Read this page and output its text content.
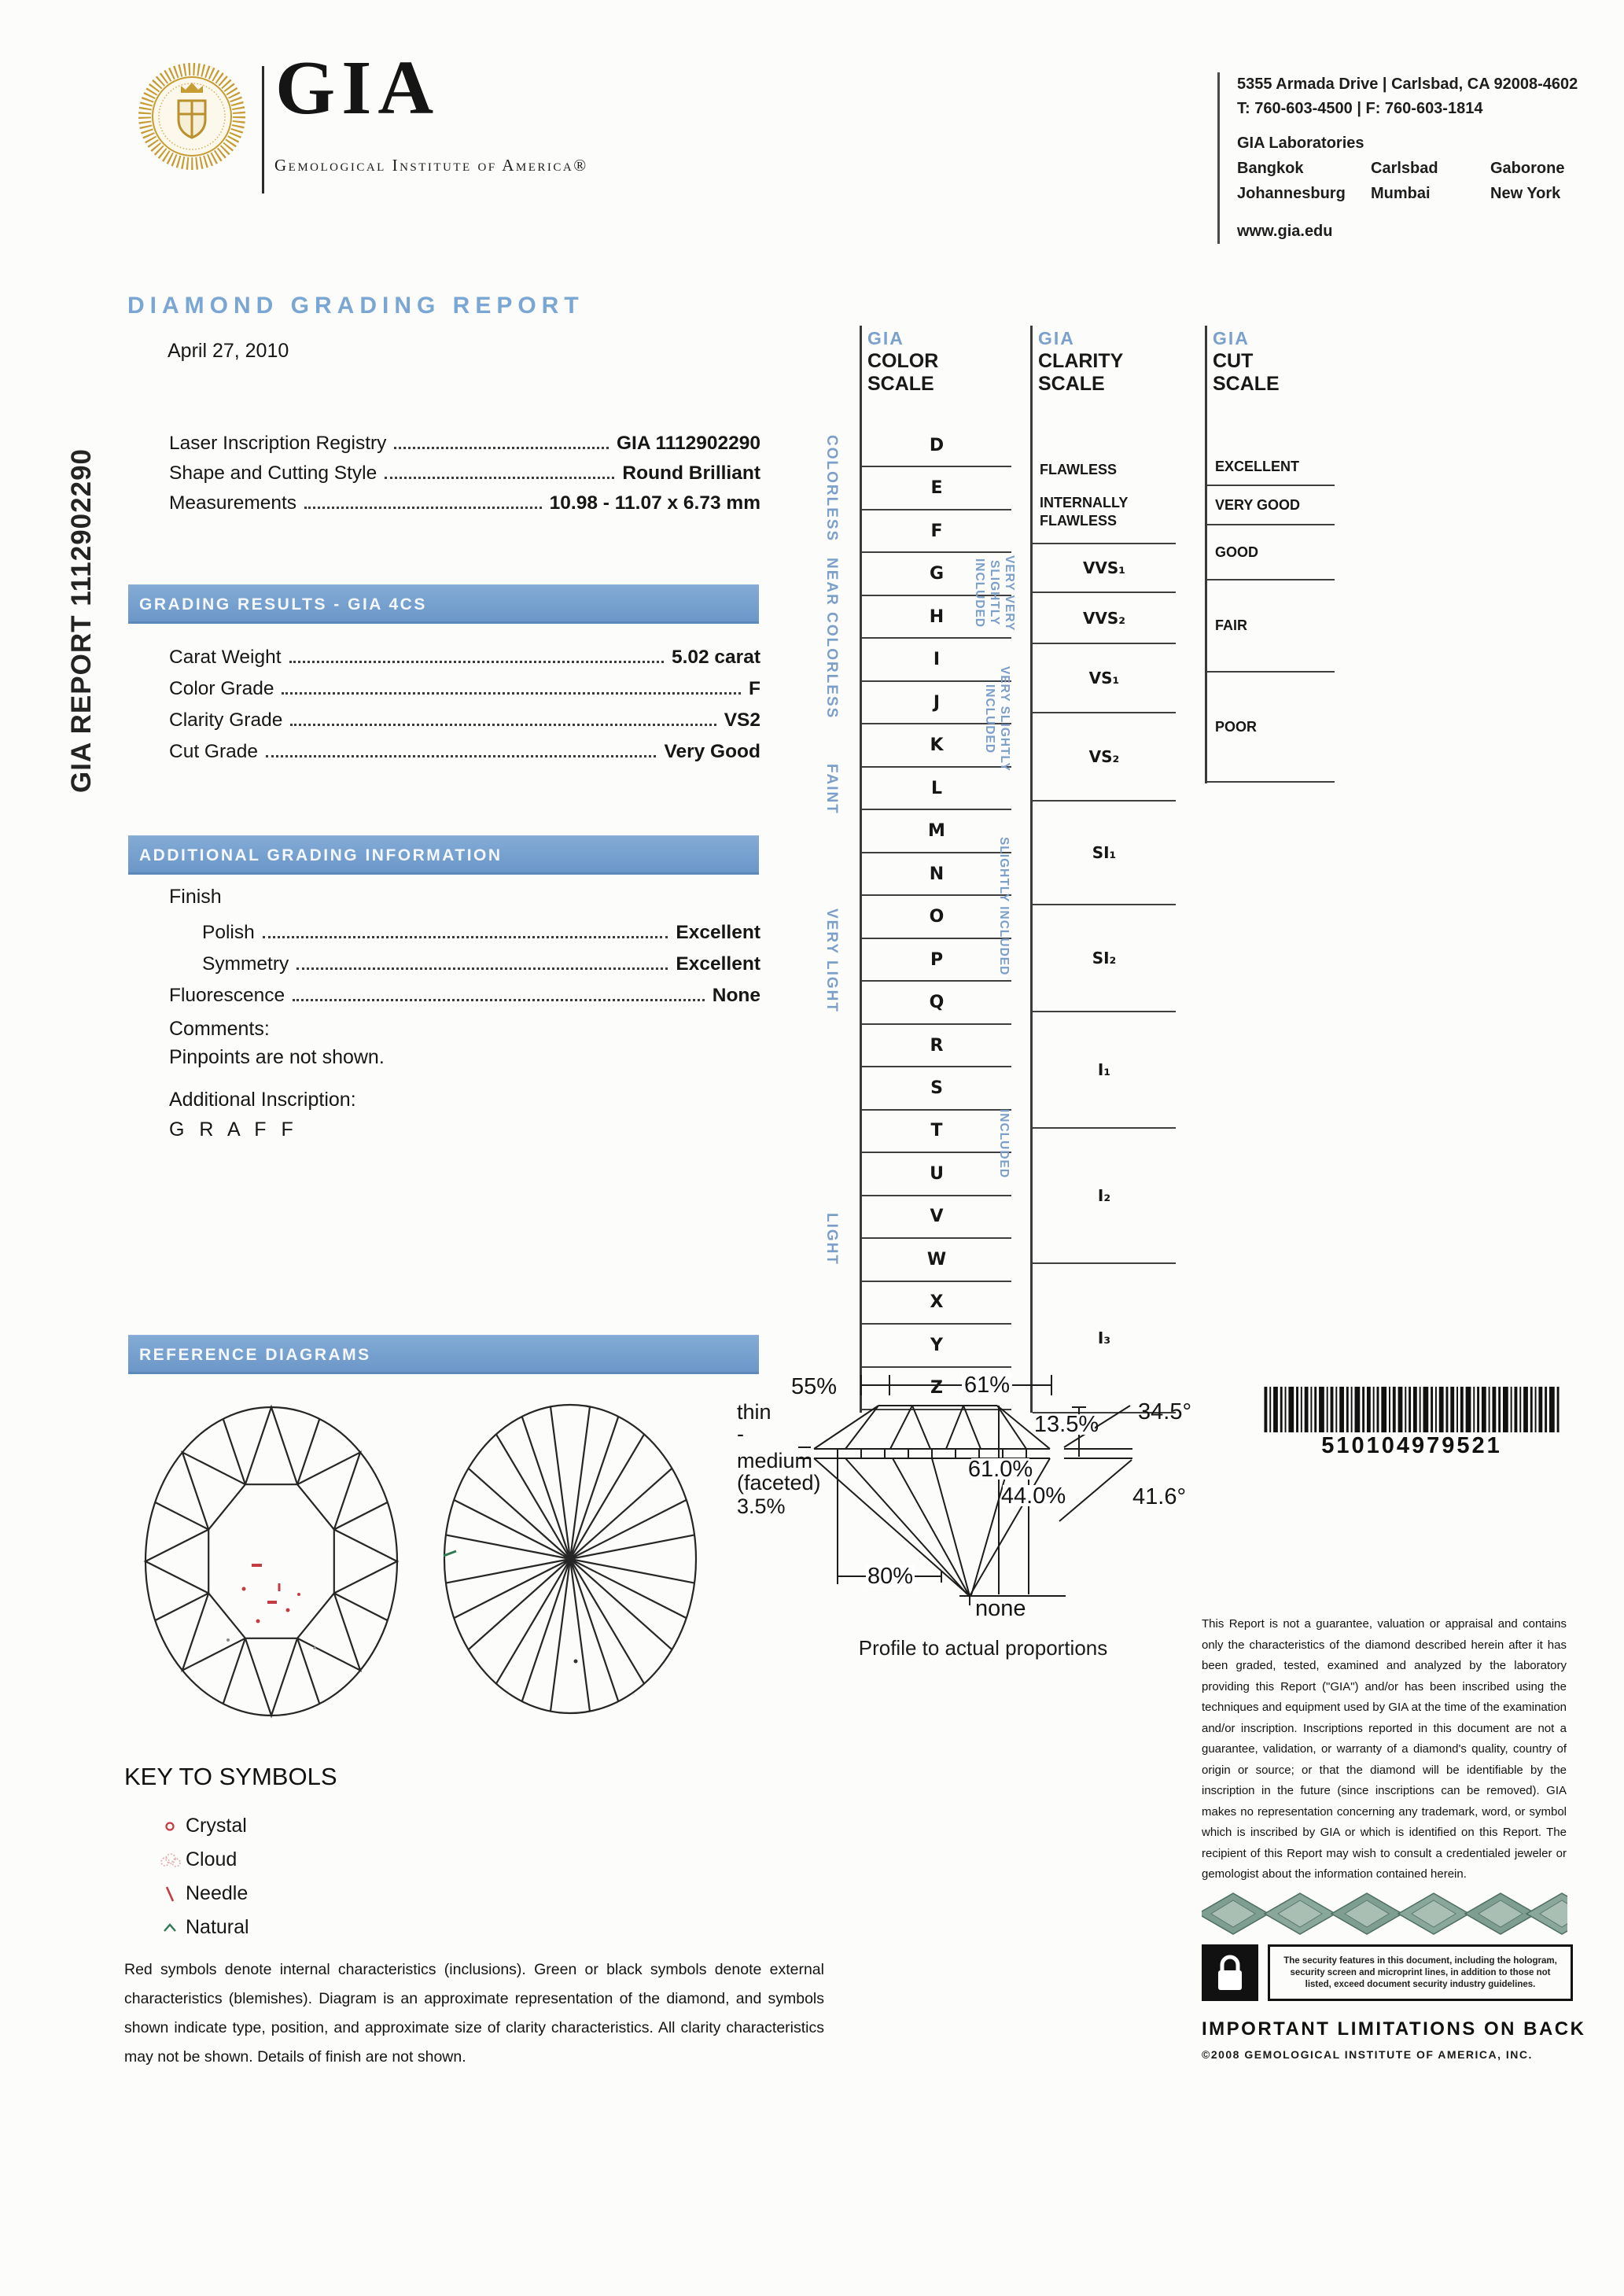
GIA
Gemological Institute of America®
5355 Armada Drive | Carlsbad, CA 92008-4602
T: 760-603-4500 | F: 760-603-1814
GIA Laboratories
Bangkok	Carlsbad	Gaborone
Johannesburg	Mumbai	New York
www.gia.edu
DIAMOND GRADING REPORT
GIA REPORT 1112902290
April 27, 2010
Laser Inscription Registry	GIA 1112902290
Shape and Cutting Style	Round Brilliant
Measurements	10.98 - 11.07 x 6.73 mm
GRADING RESULTS - GIA 4CS
Carat Weight	5.02 carat
Color Grade	F
Clarity Grade	VS2
Cut Grade	Very Good
ADDITIONAL GRADING INFORMATION
Finish
Polish	Excellent
Symmetry	Excellent
Fluorescence	None
Comments:
Pinpoints are not shown.
Additional Inscription:
G R A F F
GIA
COLOR
SCALE
D
E
F
G
H
I
J
K
L
M
N
O
P
Q
R
S
T
U
V
W
X
Y
Z
COLORLESS
NEAR COLORLESS
FAINT
VERY LIGHT
LIGHT
GIA
CLARITY
SCALE
FLAWLESS
INTERNALLY FLAWLESS
VVS₁
VVS₂
VS₁
VS₂
SI₁
SI₂
I₁
I₂
I₃
VERY VERY SLIGHTLY INCLUDED
VERY SLIGHTLY INCLUDED
SLIGHTLY INCLUDED
INCLUDED
GIA
CUT
SCALE
EXCELLENT
VERY GOOD
GOOD
FAIR
POOR
REFERENCE DIAGRAMS
55%	61%
13.5% 34.5°
61.0%
44.0%	41.6°
80%
none
thin
-
medium
(faceted)
3.5%
Profile to actual proportions
510104979521
KEY TO SYMBOLS
Crystal
Cloud
Needle
Natural
Red symbols denote internal characteristics (inclusions). Green or black symbols denote external characteristics (blemishes). Diagram is an approximate representation of the diamond, and symbols shown indicate type, position, and approximate size of clarity characteristics. All clarity characteristics may not be shown. Details of finish are not shown.
This Report is not a guarantee, valuation or appraisal and contains only the characteristics of the diamond described herein after it has been graded, tested, examined and analyzed by the laboratory providing this Report ("GIA") and/or has been inscribed using the techniques and equipment used by GIA at the time of the examination and/or inscription. Inscriptions reported in this document are not a guarantee, validation, or warranty of a diamond's quality, country of origin or source; or that the diamond will be identifiable by the inscription in the future (since inscriptions can be removed). GIA makes no representation concerning any trademark, word, or symbol which is inscribed by GIA or which is identified on this Report. The recipient of this Report may wish to consult a credentialed jeweler or gemologist about the information contained herein.
The security features in this document, including the hologram, security screen and microprint lines, in addition to those not listed, exceed document security industry guidelines.
IMPORTANT LIMITATIONS ON BACK
©2008 GEMOLOGICAL INSTITUTE OF AMERICA, INC.
